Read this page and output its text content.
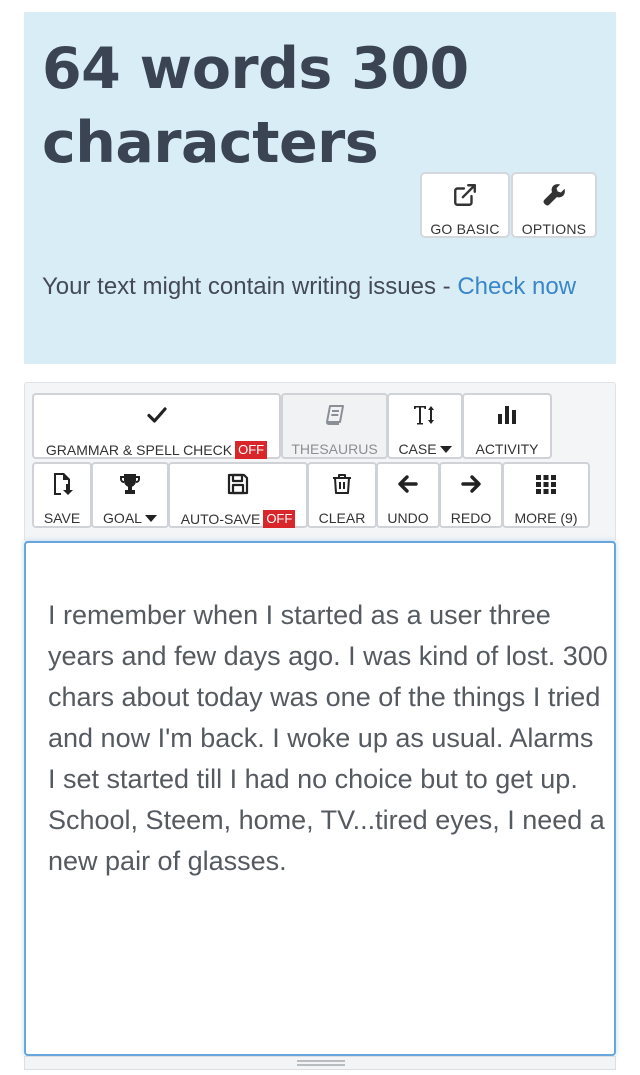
64 words 300 characters
GO BASIC OPTIONS
Your text might contain writing issues - Check now
GRAMMAR & SPELL CHECK OFF THESAURUS CASE	ACTIVITY
SAVE GOAL	AUTO-SAVE OFF CLEAR UNDO REDO MORE (9)
I remember when I started as a user three years and few days ago. I was kind of lost. 300 chars about today was one of the things I tried and now I'm back. I woke up as usual. Alarms I set started till I had no choice but to get up. School, Steem, home, TV...tired eyes, I need a new pair of glasses.
